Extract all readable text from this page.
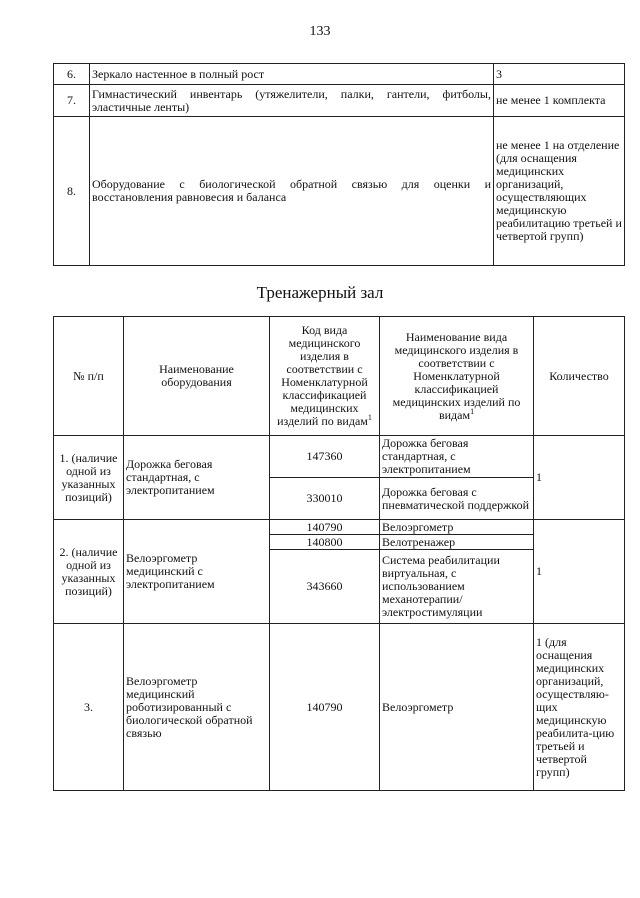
133
6.	Зеркало настенное в полный рост	3
7.	Гимнастический инвентарь (утяжелители, палки, гантели, фитболы, эластичные ленты)	не менее 1 комплекта
8.	Оборудование с биологической обратной связью для оценки и восстановления равновесия и баланса	не менее 1 на отделение (для оснащения медицинских организаций, осуществляющих медицинскую реабилитацию третьей и четвертой групп)
Тренажерный зал
№ п/п	Наименование оборудования	Код вида медицинского изделия в соответствии с Номенклатурной классификацией медицинских изделий по видам$^1$	Наименование вида медицинского изделия в соответствии с Номенклатурной классификацией медицинских изделий по видам$^1$	Количество
1. (наличие одной из указанных позиций)	Дорожка беговая стандартная, с электропитанием	147360	Дорожка беговая стандартная, с электропитанием	1
		330010	Дорожка беговая с пневматической поддержкой	
2. (наличие одной из указанных позиций)	Велоэргометр медицинский с электропитанием	140790	Велоэргометр	1
		140800	Велотренажер	
		343660	Система реабилитации виртуальная, с использованием механотерапии/ электростимуляции	
3.	Велоэргометр медицинский роботизированный с биологической обратной связью	140790	Велоэргометр	1 (для оснащения медицинских организаций, осуществляю-щих медицинскую реабилита-цию третьей и четвертой групп)
